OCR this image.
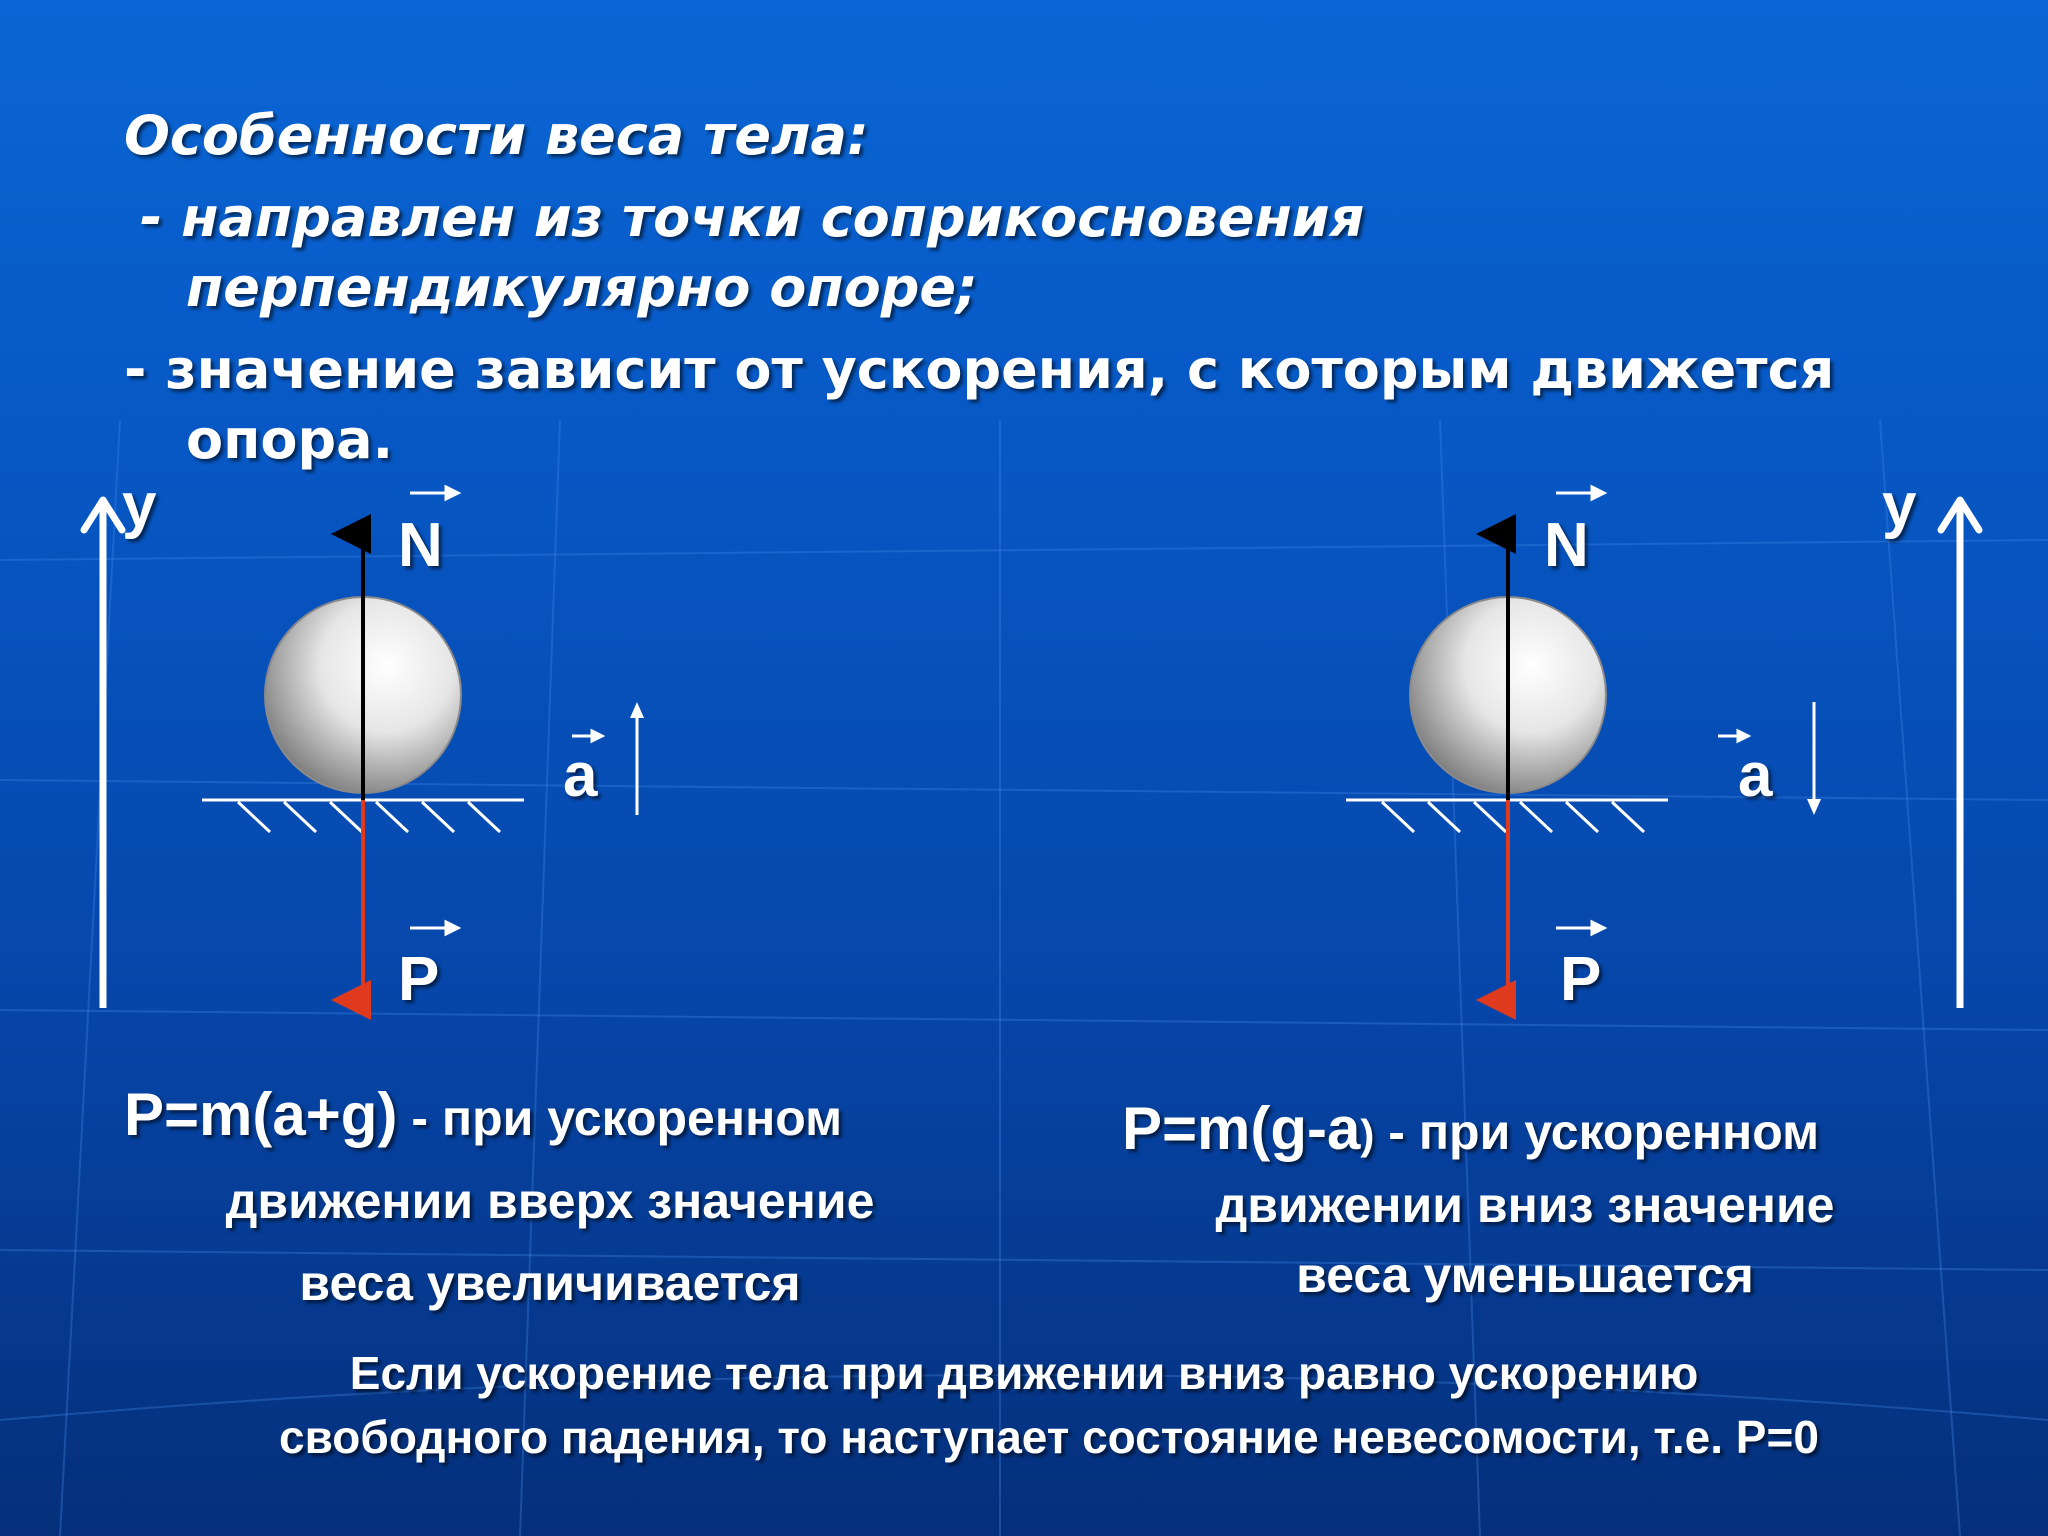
Особенности веса тела:
- направлен из точки соприкосновения
перпендикулярно опоре;
- значение зависит от ускорения, с которым движется
опора.
у
N
P
a
у
N
P
a
P=m(a+g) - при ускоренном
движении вверх значение
веса увеличивается
P=m(g-a) - при ускоренном
движении вниз значение
веса уменьшается
Если ускорение тела при движении вниз равно ускорению
свободного падения, то наступает состояние невесомости, т.е. Р=0
